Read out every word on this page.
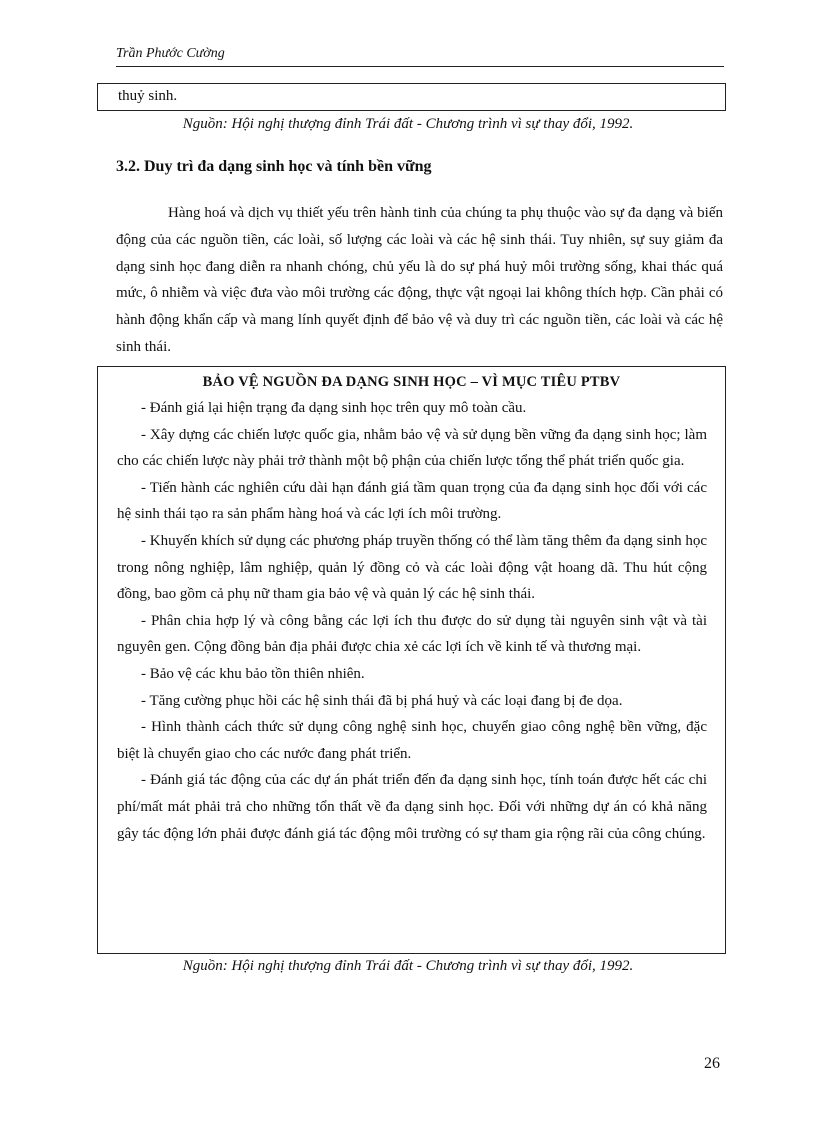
Trần Phước Cường

thuỷ sinh.

Nguồn: Hội nghị thượng đỉnh Trái đất - Chương trình vì sự thay đổi, 1992.
3.2. Duy trì đa dạng sinh học và tính bền vững

Hàng hoá và dịch vụ thiết yếu trên hành tinh của chúng ta phụ thuộc vào sự đa dạng và biến động của các nguồn tiền, các loài, số lượng các loài và các hệ sinh thái. Tuy nhiên, sự suy giảm đa dạng sinh học đang diễn ra nhanh chóng, chủ yếu là do sự phá huỷ môi trường sống, khai thác quá mức, ô nhiễm và việc đưa vào môi trường các động, thực vật ngoại lai không thích hợp. Cần phải có hành động khẩn cấp và mang lính quyết định để bảo vệ và duy trì các nguồn tiền, các loài và các hệ sinh thái.

BẢO VỆ NGUỒN ĐA DẠNG SINH HỌC – VÌ MỤC TIÊU PTBV
- Đánh giá lại hiện trạng đa dạng sinh học trên quy mô toàn cầu.
- Xây dựng các chiến lược quốc gia, nhằm bảo vệ và sử dụng bền vững đa dạng sinh học; làm cho các chiến lược này phải trở thành một bộ phận của chiến lược tổng thể phát triển quốc gia.
- Tiến hành các nghiên cứu dài hạn đánh giá tầm quan trọng của đa dạng sinh học đối với các hệ sinh thái tạo ra sản phẩm hàng hoá và các lợi ích môi trường.
- Khuyến khích sử dụng các phương pháp truyền thống có thể làm tăng thêm đa dạng sinh học trong nông nghiệp, lâm nghiệp, quản lý đồng cỏ và các loài động vật hoang dã. Thu hút cộng đồng, bao gồm cả phụ nữ tham gia bảo vệ và quản lý các hệ sinh thái.
- Phân chia hợp lý và công bằng các lợi ích thu được do sử dụng tài nguyên sinh vật và tài nguyên gen. Cộng đồng bản địa phải được chia xẻ các lợi ích về kinh tế và thương mại.
- Bảo vệ các khu bảo tồn thiên nhiên.
- Tăng cường phục hồi các hệ sinh thái đã bị phá huỷ và các loại đang bị đe dọa.
- Hình thành cách thức sử dụng công nghệ sinh học, chuyển giao công nghệ bền vững, đặc biệt là chuyển giao cho các nước đang phát triển.
- Đánh giá tác động của các dự án phát triển đến đa dạng sinh học, tính toán được hết các chi phí/mất mát phải trả cho những tổn thất về đa dạng sinh học. Đối với những dự án có khả năng gây tác động lớn phải được đánh giá tác động môi trường có sự tham gia rộng rãi của công chúng.
Nguồn: Hội nghị thượng đỉnh Trái đất - Chương trình vì sự thay đổi, 1992.
26
